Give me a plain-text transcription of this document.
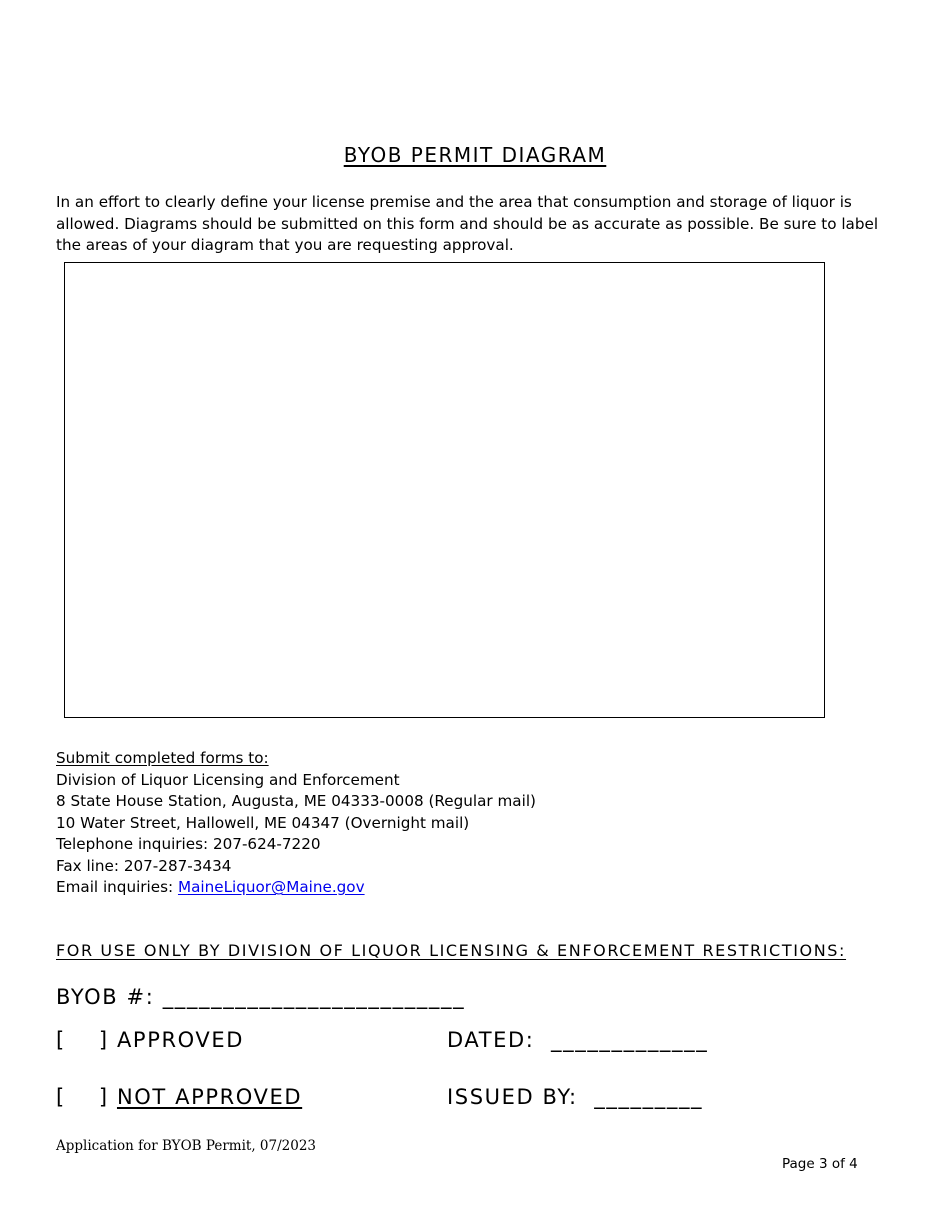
BYOB PERMIT DIAGRAM
In an effort to clearly define your license premise and the area that consumption and storage of liquor is allowed. Diagrams should be submitted on this form and should be as accurate as possible. Be sure to label the areas of your diagram that you are requesting approval.
Submit completed forms to:
Division of Liquor Licensing and Enforcement
8 State House Station, Augusta, ME 04333-0008 (Regular mail)
10 Water Street, Hallowell, ME 04347 (Overnight mail)
Telephone inquiries: 207-624-7220
Fax line: 207-287-3434
Email inquiries: MaineLiquor@Maine.gov
FOR USE ONLY BY DIVISION OF LIQUOR LICENSING & ENFORCEMENT RESTRICTIONS:
BYOB #: _________________________
[    ] APPROVED	DATED:  _____________
[    ] NOT APPROVED	ISSUED BY:  _________
Application for BYOB Permit, 07/2023
Page 3 of 4
